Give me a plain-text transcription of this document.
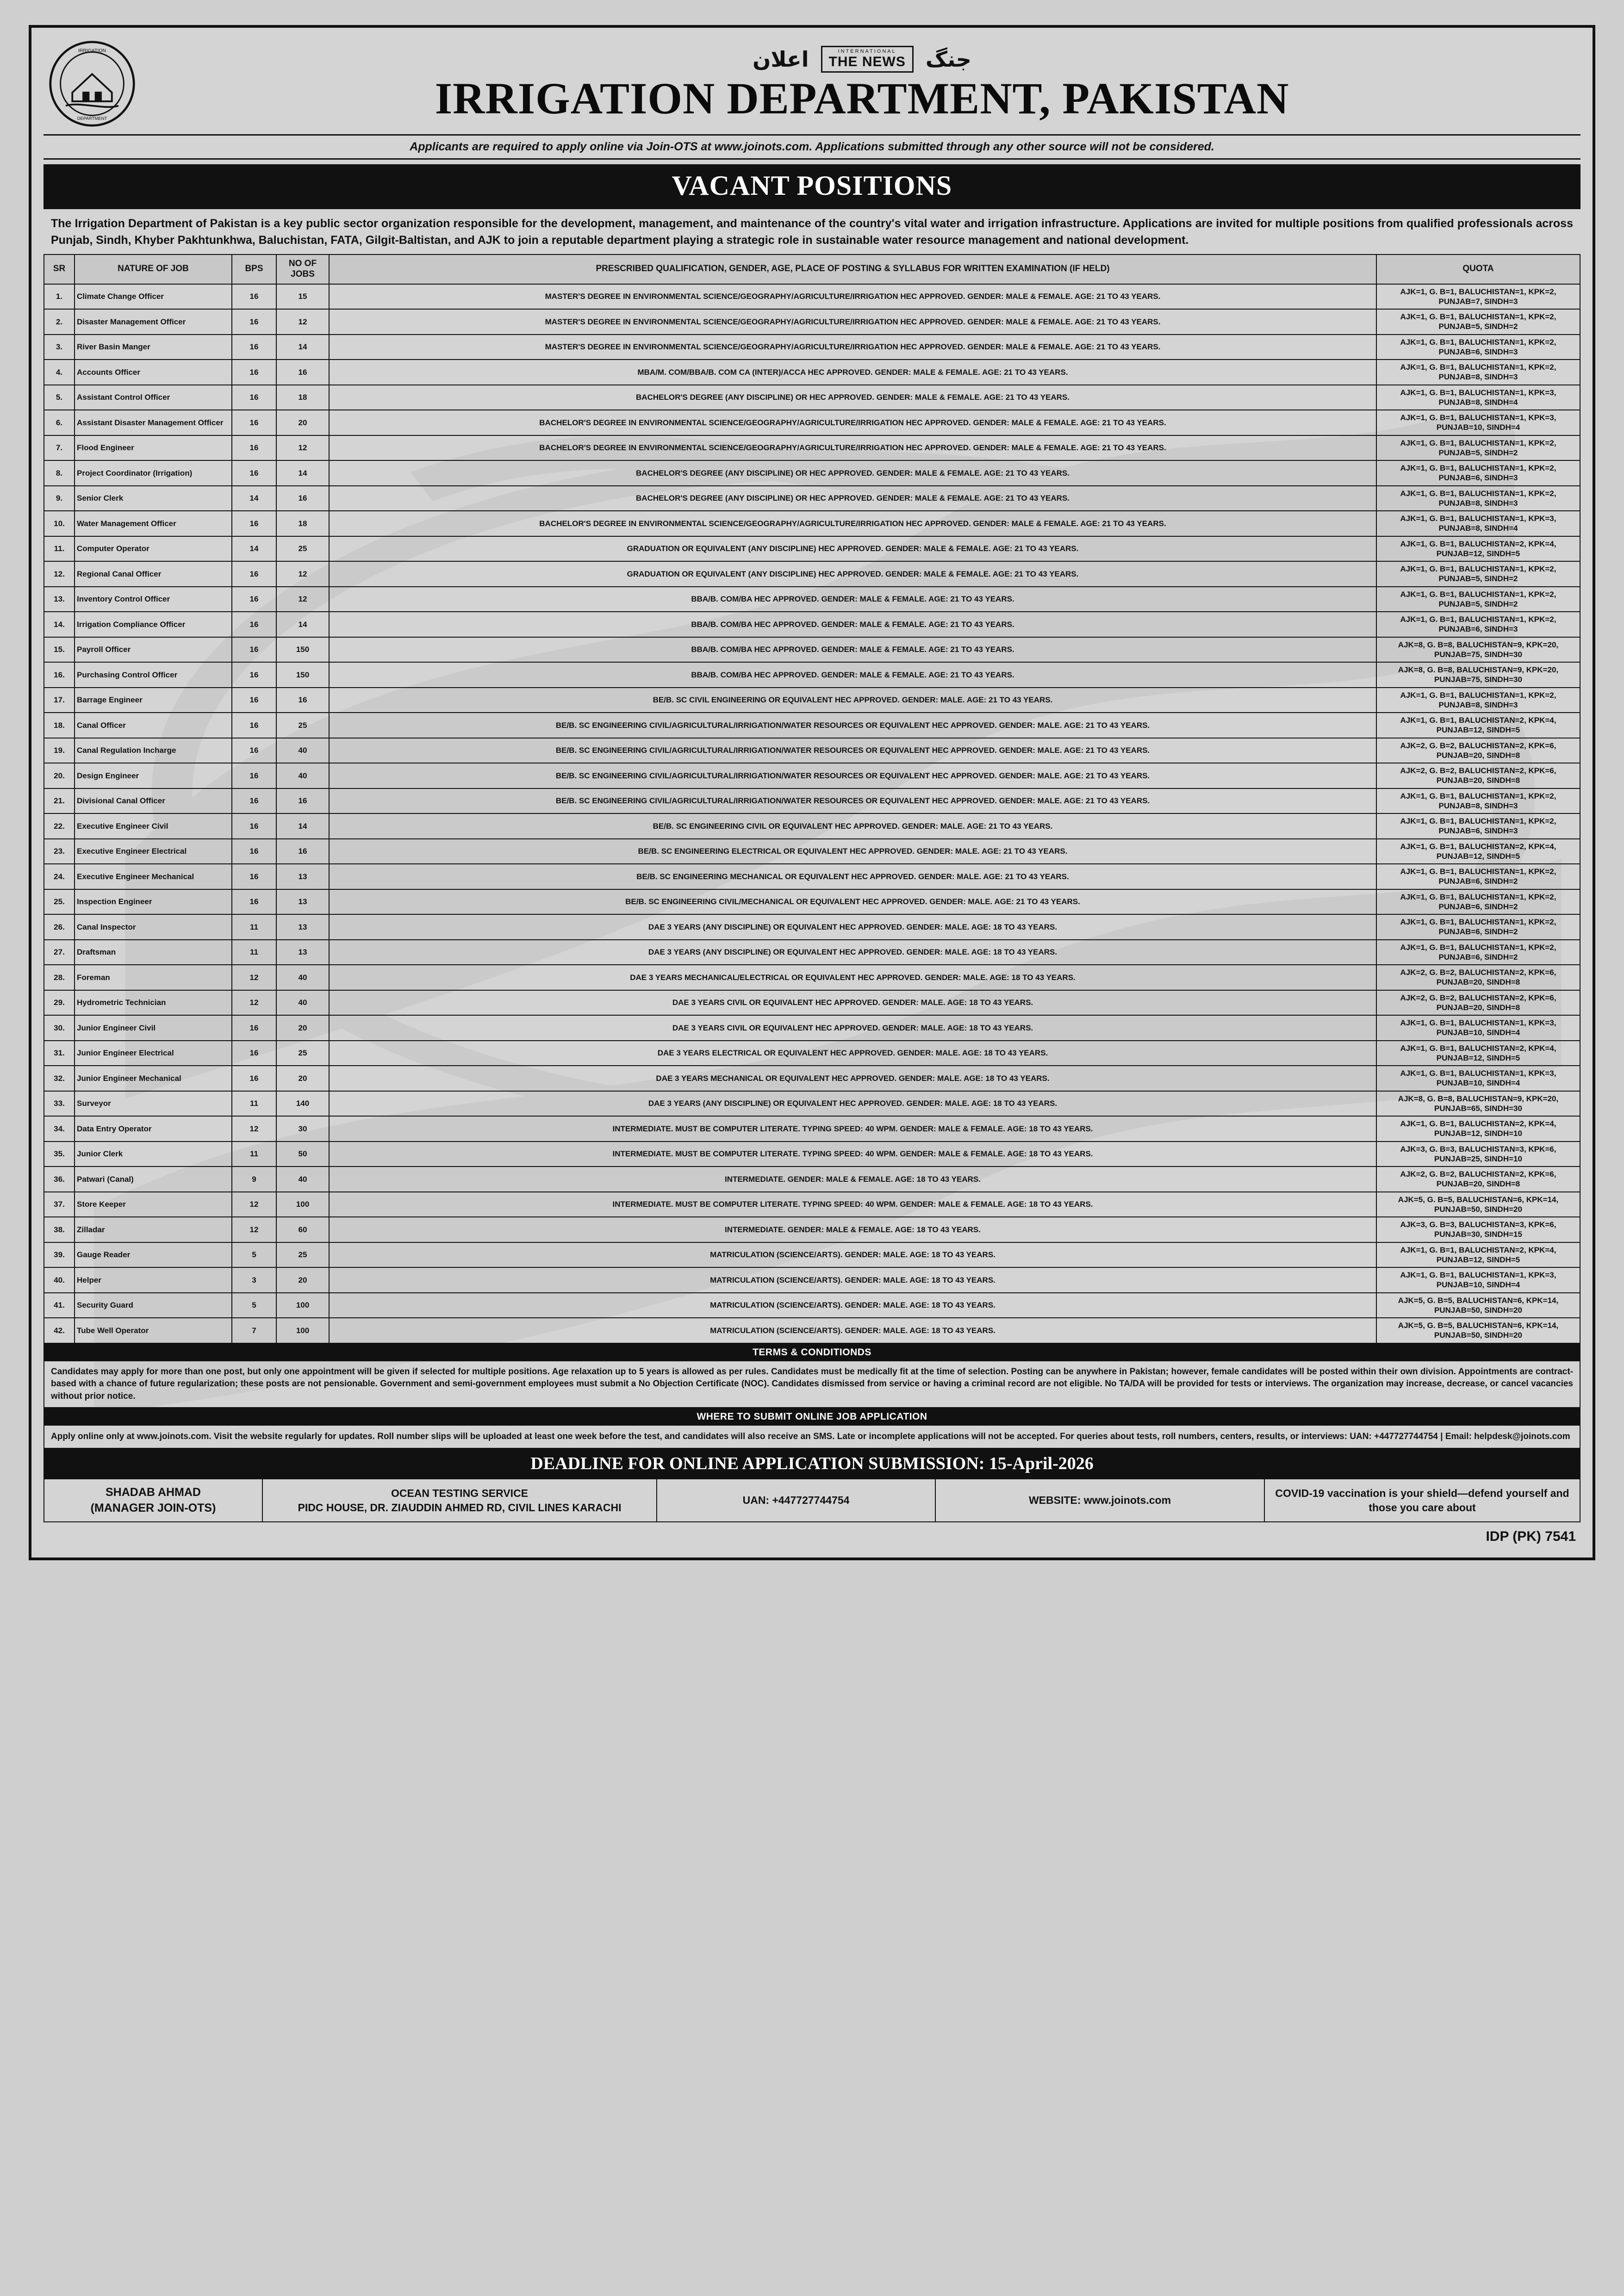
IRRIGATION
DEPARTMENT
اعلان	INTERNATIONAL
THE NEWS جنگ
IRRIGATION DEPARTMENT, PAKISTAN
Applicants are required to apply online via Join-OTS at www.joinots.com. Applications submitted through any other source will not be considered.
VACANT POSITIONS
The Irrigation Department of Pakistan is a key public sector organization responsible for the development, management, and maintenance of the country's vital water and irrigation infrastructure. Applications are invited for multiple positions from qualified professionals across Punjab, Sindh, Khyber Pakhtunkhwa, Baluchistan, FATA, Gilgit-Baltistan, and AJK to join a reputable department playing a strategic role in sustainable water resource management and national development.
SR	NATURE OF JOB	BPS	NO OF JOBS	PRESCRIBED QUALIFICATION, GENDER, AGE, PLACE OF POSTING & SYLLABUS FOR WRITTEN EXAMINATION (IF HELD)	QUOTA
1.	Climate Change Officer	16	15	MASTER'S DEGREE IN ENVIRONMENTAL SCIENCE/GEOGRAPHY/AGRICULTURE/IRRIGATION HEC APPROVED. GENDER: MALE & FEMALE. AGE: 21 TO 43 YEARS.	AJK=1, G. B=1, BALUCHISTAN=1, KPK=2, PUNJAB=7, SINDH=3
2.	Disaster Management Officer	16	12	MASTER'S DEGREE IN ENVIRONMENTAL SCIENCE/GEOGRAPHY/AGRICULTURE/IRRIGATION HEC APPROVED. GENDER: MALE & FEMALE. AGE: 21 TO 43 YEARS.	AJK=1, G. B=1, BALUCHISTAN=1, KPK=2, PUNJAB=5, SINDH=2
3.	River Basin Manger	16	14	MASTER'S DEGREE IN ENVIRONMENTAL SCIENCE/GEOGRAPHY/AGRICULTURE/IRRIGATION HEC APPROVED. GENDER: MALE & FEMALE. AGE: 21 TO 43 YEARS.	AJK=1, G. B=1, BALUCHISTAN=1, KPK=2, PUNJAB=6, SINDH=3
4.	Accounts Officer	16	16	MBA/M. COM/BBA/B. COM CA (INTER)/ACCA HEC APPROVED. GENDER: MALE & FEMALE. AGE: 21 TO 43 YEARS.	AJK=1, G. B=1, BALUCHISTAN=1, KPK=2, PUNJAB=8, SINDH=3
5.	Assistant Control Officer	16	18	BACHELOR'S DEGREE (ANY DISCIPLINE) OR HEC APPROVED. GENDER: MALE & FEMALE. AGE: 21 TO 43 YEARS.	AJK=1, G. B=1, BALUCHISTAN=1, KPK=3, PUNJAB=8, SINDH=4
6.	Assistant Disaster Management Officer	16	20	BACHELOR'S DEGREE IN ENVIRONMENTAL SCIENCE/GEOGRAPHY/AGRICULTURE/IRRIGATION HEC APPROVED. GENDER: MALE & FEMALE. AGE: 21 TO 43 YEARS.	AJK=1, G. B=1, BALUCHISTAN=1, KPK=3, PUNJAB=10, SINDH=4
7.	Flood Engineer	16	12	BACHELOR'S DEGREE IN ENVIRONMENTAL SCIENCE/GEOGRAPHY/AGRICULTURE/IRRIGATION HEC APPROVED. GENDER: MALE & FEMALE. AGE: 21 TO 43 YEARS.	AJK=1, G. B=1, BALUCHISTAN=1, KPK=2, PUNJAB=5, SINDH=2
8.	Project Coordinator (Irrigation)	16	14	BACHELOR'S DEGREE (ANY DISCIPLINE) OR HEC APPROVED. GENDER: MALE & FEMALE. AGE: 21 TO 43 YEARS.	AJK=1, G. B=1, BALUCHISTAN=1, KPK=2, PUNJAB=6, SINDH=3
9.	Senior Clerk	14	16	BACHELOR'S DEGREE (ANY DISCIPLINE) OR HEC APPROVED. GENDER: MALE & FEMALE. AGE: 21 TO 43 YEARS.	AJK=1, G. B=1, BALUCHISTAN=1, KPK=2, PUNJAB=8, SINDH=3
10.	Water Management Officer	16	18	BACHELOR'S DEGREE IN ENVIRONMENTAL SCIENCE/GEOGRAPHY/AGRICULTURE/IRRIGATION HEC APPROVED. GENDER: MALE & FEMALE. AGE: 21 TO 43 YEARS.	AJK=1, G. B=1, BALUCHISTAN=1, KPK=3, PUNJAB=8, SINDH=4
11.	Computer Operator	14	25	GRADUATION OR EQUIVALENT (ANY DISCIPLINE) HEC APPROVED. GENDER: MALE & FEMALE. AGE: 21 TO 43 YEARS.	AJK=1, G. B=1, BALUCHISTAN=2, KPK=4, PUNJAB=12, SINDH=5
12.	Regional Canal Officer	16	12	GRADUATION OR EQUIVALENT (ANY DISCIPLINE) HEC APPROVED. GENDER: MALE & FEMALE. AGE: 21 TO 43 YEARS.	AJK=1, G. B=1, BALUCHISTAN=1, KPK=2, PUNJAB=5, SINDH=2
13.	Inventory Control Officer	16	12	BBA/B. COM/BA HEC APPROVED. GENDER: MALE & FEMALE. AGE: 21 TO 43 YEARS.	AJK=1, G. B=1, BALUCHISTAN=1, KPK=2, PUNJAB=5, SINDH=2
14.	Irrigation Compliance Officer	16	14	BBA/B. COM/BA HEC APPROVED. GENDER: MALE & FEMALE. AGE: 21 TO 43 YEARS.	AJK=1, G. B=1, BALUCHISTAN=1, KPK=2, PUNJAB=6, SINDH=3
15.	Payroll Officer	16	150	BBA/B. COM/BA HEC APPROVED. GENDER: MALE & FEMALE. AGE: 21 TO 43 YEARS.	AJK=8, G. B=8, BALUCHISTAN=9, KPK=20, PUNJAB=75, SINDH=30
16.	Purchasing Control Officer	16	150	BBA/B. COM/BA HEC APPROVED. GENDER: MALE & FEMALE. AGE: 21 TO 43 YEARS.	AJK=8, G. B=8, BALUCHISTAN=9, KPK=20, PUNJAB=75, SINDH=30
17.	Barrage Engineer	16	16	BE/B. SC CIVIL ENGINEERING OR EQUIVALENT HEC APPROVED. GENDER: MALE. AGE: 21 TO 43 YEARS.	AJK=1, G. B=1, BALUCHISTAN=1, KPK=2, PUNJAB=8, SINDH=3
18.	Canal Officer	16	25	BE/B. SC ENGINEERING CIVIL/AGRICULTURAL/IRRIGATION/WATER RESOURCES OR EQUIVALENT HEC APPROVED. GENDER: MALE. AGE: 21 TO 43 YEARS.	AJK=1, G. B=1, BALUCHISTAN=2, KPK=4, PUNJAB=12, SINDH=5
19.	Canal Regulation Incharge	16	40	BE/B. SC ENGINEERING CIVIL/AGRICULTURAL/IRRIGATION/WATER RESOURCES OR EQUIVALENT HEC APPROVED. GENDER: MALE. AGE: 21 TO 43 YEARS.	AJK=2, G. B=2, BALUCHISTAN=2, KPK=6, PUNJAB=20, SINDH=8
20.	Design Engineer	16	40	BE/B. SC ENGINEERING CIVIL/AGRICULTURAL/IRRIGATION/WATER RESOURCES OR EQUIVALENT HEC APPROVED. GENDER: MALE. AGE: 21 TO 43 YEARS.	AJK=2, G. B=2, BALUCHISTAN=2, KPK=6, PUNJAB=20, SINDH=8
21.	Divisional Canal Officer	16	16	BE/B. SC ENGINEERING CIVIL/AGRICULTURAL/IRRIGATION/WATER RESOURCES OR EQUIVALENT HEC APPROVED. GENDER: MALE. AGE: 21 TO 43 YEARS.	AJK=1, G. B=1, BALUCHISTAN=1, KPK=2, PUNJAB=8, SINDH=3
22.	Executive Engineer Civil	16	14	BE/B. SC ENGINEERING CIVIL OR EQUIVALENT HEC APPROVED. GENDER: MALE. AGE: 21 TO 43 YEARS.	AJK=1, G. B=1, BALUCHISTAN=1, KPK=2, PUNJAB=6, SINDH=3
23.	Executive Engineer Electrical	16	16	BE/B. SC ENGINEERING ELECTRICAL OR EQUIVALENT HEC APPROVED. GENDER: MALE. AGE: 21 TO 43 YEARS.	AJK=1, G. B=1, BALUCHISTAN=2, KPK=4, PUNJAB=12, SINDH=5
24.	Executive Engineer Mechanical	16	13	BE/B. SC ENGINEERING MECHANICAL OR EQUIVALENT HEC APPROVED. GENDER: MALE. AGE: 21 TO 43 YEARS.	AJK=1, G. B=1, BALUCHISTAN=1, KPK=2, PUNJAB=6, SINDH=2
25.	Inspection Engineer	16	13	BE/B. SC ENGINEERING CIVIL/MECHANICAL OR EQUIVALENT HEC APPROVED. GENDER: MALE. AGE: 21 TO 43 YEARS.	AJK=1, G. B=1, BALUCHISTAN=1, KPK=2, PUNJAB=6, SINDH=2
26.	Canal Inspector	11	13	DAE 3 YEARS (ANY DISCIPLINE) OR EQUIVALENT HEC APPROVED. GENDER: MALE. AGE: 18 TO 43 YEARS.	AJK=1, G. B=1, BALUCHISTAN=1, KPK=2, PUNJAB=6, SINDH=2
27.	Draftsman	11	13	DAE 3 YEARS (ANY DISCIPLINE) OR EQUIVALENT HEC APPROVED. GENDER: MALE. AGE: 18 TO 43 YEARS.	AJK=1, G. B=1, BALUCHISTAN=1, KPK=2, PUNJAB=6, SINDH=2
28.	Foreman	12	40	DAE 3 YEARS MECHANICAL/ELECTRICAL OR EQUIVALENT HEC APPROVED. GENDER: MALE. AGE: 18 TO 43 YEARS.	AJK=2, G. B=2, BALUCHISTAN=2, KPK=6, PUNJAB=20, SINDH=8
29.	Hydrometric Technician	12	40	DAE 3 YEARS CIVIL OR EQUIVALENT HEC APPROVED. GENDER: MALE. AGE: 18 TO 43 YEARS.	AJK=2, G. B=2, BALUCHISTAN=2, KPK=6, PUNJAB=20, SINDH=8
30.	Junior Engineer Civil	16	20	DAE 3 YEARS CIVIL OR EQUIVALENT HEC APPROVED. GENDER: MALE. AGE: 18 TO 43 YEARS.	AJK=1, G. B=1, BALUCHISTAN=1, KPK=3, PUNJAB=10, SINDH=4
31.	Junior Engineer Electrical	16	25	DAE 3 YEARS ELECTRICAL OR EQUIVALENT HEC APPROVED. GENDER: MALE. AGE: 18 TO 43 YEARS.	AJK=1, G. B=1, BALUCHISTAN=2, KPK=4, PUNJAB=12, SINDH=5
32.	Junior Engineer Mechanical	16	20	DAE 3 YEARS MECHANICAL OR EQUIVALENT HEC APPROVED. GENDER: MALE. AGE: 18 TO 43 YEARS.	AJK=1, G. B=1, BALUCHISTAN=1, KPK=3, PUNJAB=10, SINDH=4
33.	Surveyor	11	140	DAE 3 YEARS (ANY DISCIPLINE) OR EQUIVALENT HEC APPROVED. GENDER: MALE. AGE: 18 TO 43 YEARS.	AJK=8, G. B=8, BALUCHISTAN=9, KPK=20, PUNJAB=65, SINDH=30
34.	Data Entry Operator	12	30	INTERMEDIATE. MUST BE COMPUTER LITERATE. TYPING SPEED: 40 WPM. GENDER: MALE & FEMALE. AGE: 18 TO 43 YEARS.	AJK=1, G. B=1, BALUCHISTAN=2, KPK=4, PUNJAB=12, SINDH=10
35.	Junior Clerk	11	50	INTERMEDIATE. MUST BE COMPUTER LITERATE. TYPING SPEED: 40 WPM. GENDER: MALE & FEMALE. AGE: 18 TO 43 YEARS.	AJK=3, G. B=3, BALUCHISTAN=3, KPK=6, PUNJAB=25, SINDH=10
36.	Patwari (Canal)	9	40	INTERMEDIATE. GENDER: MALE & FEMALE. AGE: 18 TO 43 YEARS.	AJK=2, G. B=2, BALUCHISTAN=2, KPK=6, PUNJAB=20, SINDH=8
37.	Store Keeper	12	100	INTERMEDIATE. MUST BE COMPUTER LITERATE. TYPING SPEED: 40 WPM. GENDER: MALE & FEMALE. AGE: 18 TO 43 YEARS.	AJK=5, G. B=5, BALUCHISTAN=6, KPK=14, PUNJAB=50, SINDH=20
38.	Zilladar	12	60	INTERMEDIATE. GENDER: MALE & FEMALE. AGE: 18 TO 43 YEARS.	AJK=3, G. B=3, BALUCHISTAN=3, KPK=6, PUNJAB=30, SINDH=15
39.	Gauge Reader	5	25	MATRICULATION (SCIENCE/ARTS). GENDER: MALE. AGE: 18 TO 43 YEARS.	AJK=1, G. B=1, BALUCHISTAN=2, KPK=4, PUNJAB=12, SINDH=5
40.	Helper	3	20	MATRICULATION (SCIENCE/ARTS). GENDER: MALE. AGE: 18 TO 43 YEARS.	AJK=1, G. B=1, BALUCHISTAN=1, KPK=3, PUNJAB=10, SINDH=4
41.	Security Guard	5	100	MATRICULATION (SCIENCE/ARTS). GENDER: MALE. AGE: 18 TO 43 YEARS.	AJK=5, G. B=5, BALUCHISTAN=6, KPK=14, PUNJAB=50, SINDH=20
42.	Tube Well Operator	7	100	MATRICULATION (SCIENCE/ARTS). GENDER: MALE. AGE: 18 TO 43 YEARS.	AJK=5, G. B=5, BALUCHISTAN=6, KPK=14, PUNJAB=50, SINDH=20
TERMS & CONDITIONDS
Candidates may apply for more than one post, but only one appointment will be given if selected for multiple positions. Age relaxation up to 5 years is allowed as per rules. Candidates must be medically fit at the time of selection. Posting can be anywhere in Pakistan; however, female candidates will be posted within their own division. Appointments are contract-based with a chance of future regularization; these posts are not pensionable. Government and semi-government employees must submit a No Objection Certificate (NOC). Candidates dismissed from service or having a criminal record are not eligible. No TA/DA will be provided for tests or interviews. The organization may increase, decrease, or cancel vacancies without prior notice.
WHERE TO SUBMIT ONLINE JOB APPLICATION
Apply online only at www.joinots.com. Visit the website regularly for updates. Roll number slips will be uploaded at least one week before the test, and candidates will also receive an SMS. Late or incomplete applications will not be accepted. For queries about tests, roll numbers, centers, results, or interviews: UAN: +447727744754 | Email: helpdesk@joinots.com
DEADLINE FOR ONLINE APPLICATION SUBMISSION: 15-April-2026
SHADAB AHMAD
(MANAGER JOIN-OTS)
OCEAN TESTING SERVICE
PIDC HOUSE, DR. ZIAUDDIN AHMED RD, CIVIL LINES KARACHI
UAN: +447727744754	WEBSITE: www.joinots.com
COVID-19 vaccination is your shield—defend yourself and those you care about
IDP (PK) 7541
